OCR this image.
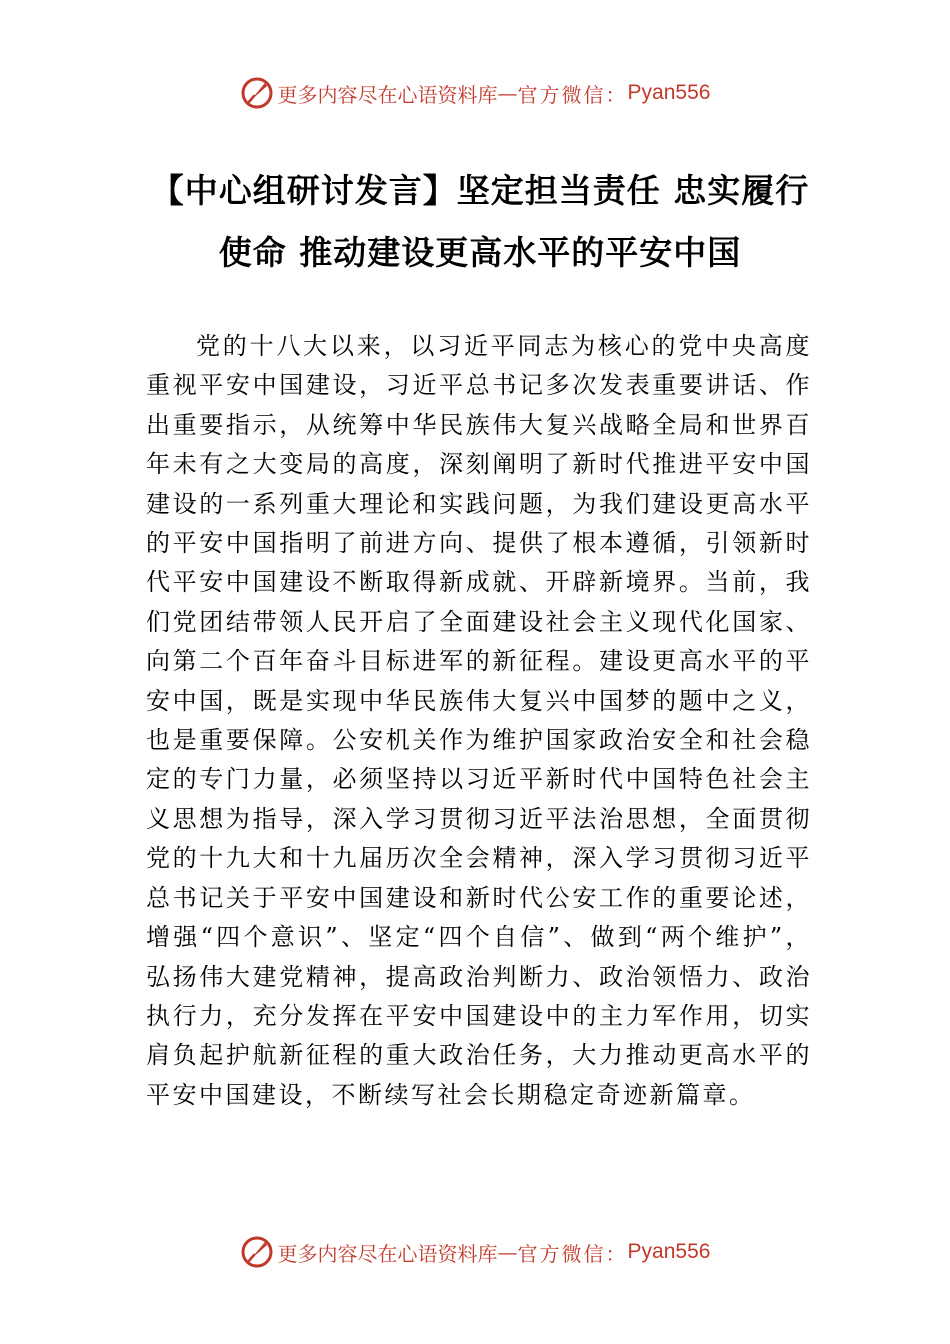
更多内容尽在心语资料库 — 官方微信： Pyan556
【中心组研讨发言】坚定担当责任 忠实履行使命 推动建设更高水平的平安中国

党的十八大以来，以习近平同志为核心的党中央高度重视平安中国建设，习近平总书记多次发表重要讲话、作出重要指示，从统筹中华民族伟大复兴战略全局和世界百年未有之大变局的高度，深刻阐明了新时代推进平安中国建设的一系列重大理论和实践问题，为我们建设更高水平的平安中国指明了前进方向、提供了根本遵循，引领新时代平安中国建设不断取得新成就、开辟新境界。当前，我们党团结带领人民开启了全面建设社会主义现代化国家、向第二个百年奋斗目标进军的新征程。建设更高水平的平安中国，既是实现中华民族伟大复兴中国梦的题中之义，也是重要保障。公安机关作为维护国家政治安全和社会稳定的专门力量，必须坚持以习近平新时代中国特色社会主义思想为指导，深入学习贯彻习近平法治思想，全面贯彻党的十九大和十九届历次全会精神，深入学习贯彻习近平总书记关于平安中国建设和新时代公安工作的重要论述，增强“四个意识”、坚定“四个自信”、做到“两个维护”，弘扬伟大建党精神，提高政治判断力、政治领悟力、政治执行力，充分发挥在平安中国建设中的主力军作用，切实肩负起护航新征程的重大政治任务，大力推动更高水平的平安中国建设，不断续写社会长期稳定奇迹新篇章。

更多内容尽在心语资料库 — 官方微信： Pyan556
